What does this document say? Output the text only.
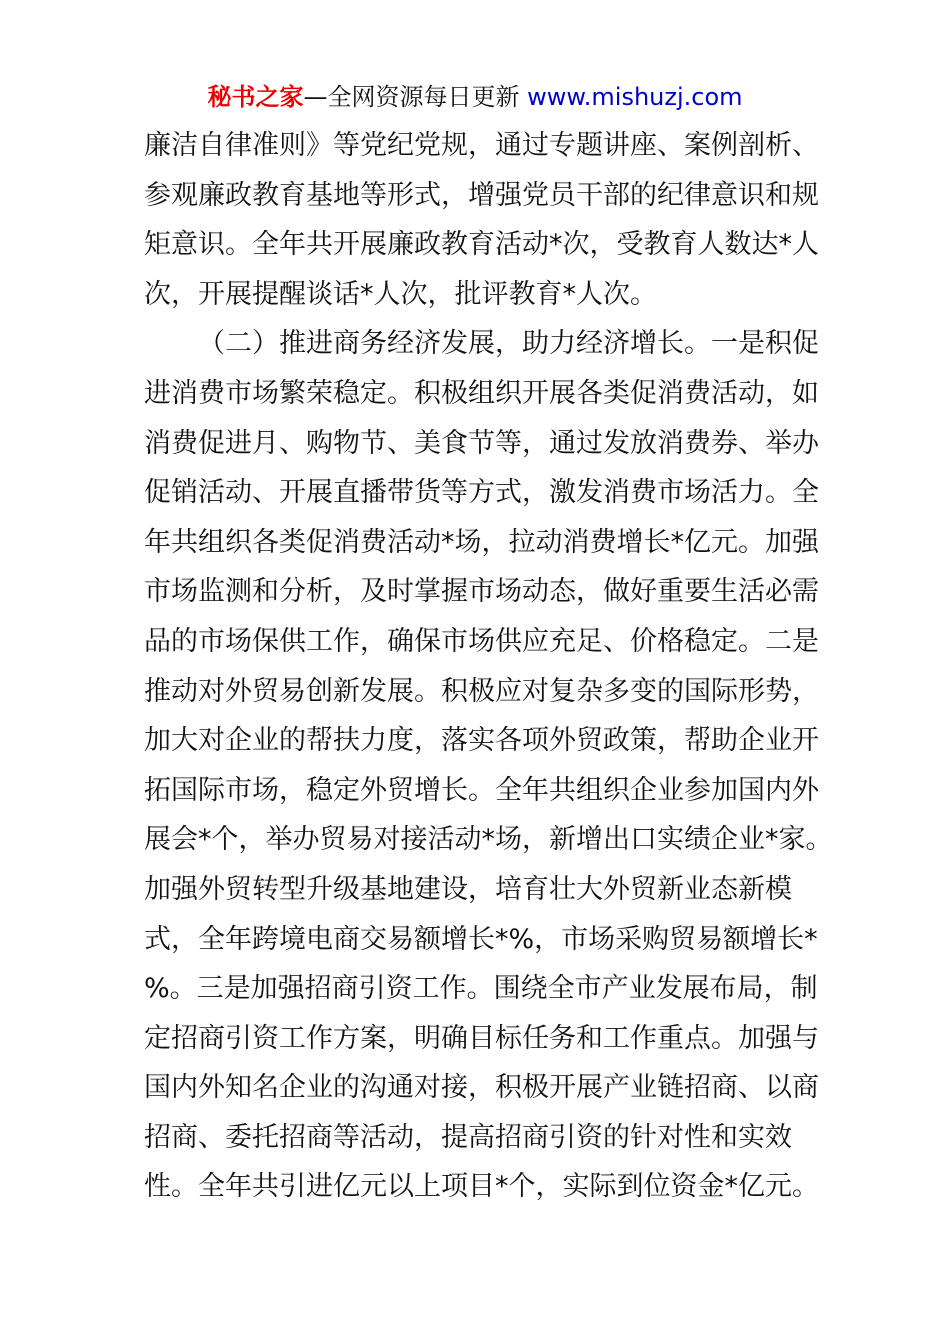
秘书之家—全网资源每日更新 www.mishuzj.com
廉洁自律准则》等党纪党规，通过专题讲座、案例剖析、
参观廉政教育基地等形式，增强党员干部的纪律意识和规
矩意识。全年共开展廉政教育活动*次，受教育人数达*人
次，开展提醒谈话*人次，批评教育*人次。
（二）推进商务经济发展，助力经济增长。一是积促
进消费市场繁荣稳定。积极组织开展各类促消费活动，如
消费促进月、购物节、美食节等，通过发放消费券、举办
促销活动、开展直播带货等方式，激发消费市场活力。全
年共组织各类促消费活动*场，拉动消费增长*亿元。加强
市场监测和分析，及时掌握市场动态，做好重要生活必需
品的市场保供工作，确保市场供应充足、价格稳定。二是
推动对外贸易创新发展。积极应对复杂多变的国际形势，
加大对企业的帮扶力度，落实各项外贸政策，帮助企业开
拓国际市场，稳定外贸增长。全年共组织企业参加国内外
展会*个，举办贸易对接活动*场，新增出口实绩企业*家。
加强外贸转型升级基地建设，培育壮大外贸新业态新模
式，全年跨境电商交易额增长*%，市场采购贸易额增长*
%。三是加强招商引资工作。围绕全市产业发展布局，制
定招商引资工作方案，明确目标任务和工作重点。加强与
国内外知名企业的沟通对接，积极开展产业链招商、以商
招商、委托招商等活动，提高招商引资的针对性和实效
性。全年共引进亿元以上项目*个，实际到位资金*亿元。
